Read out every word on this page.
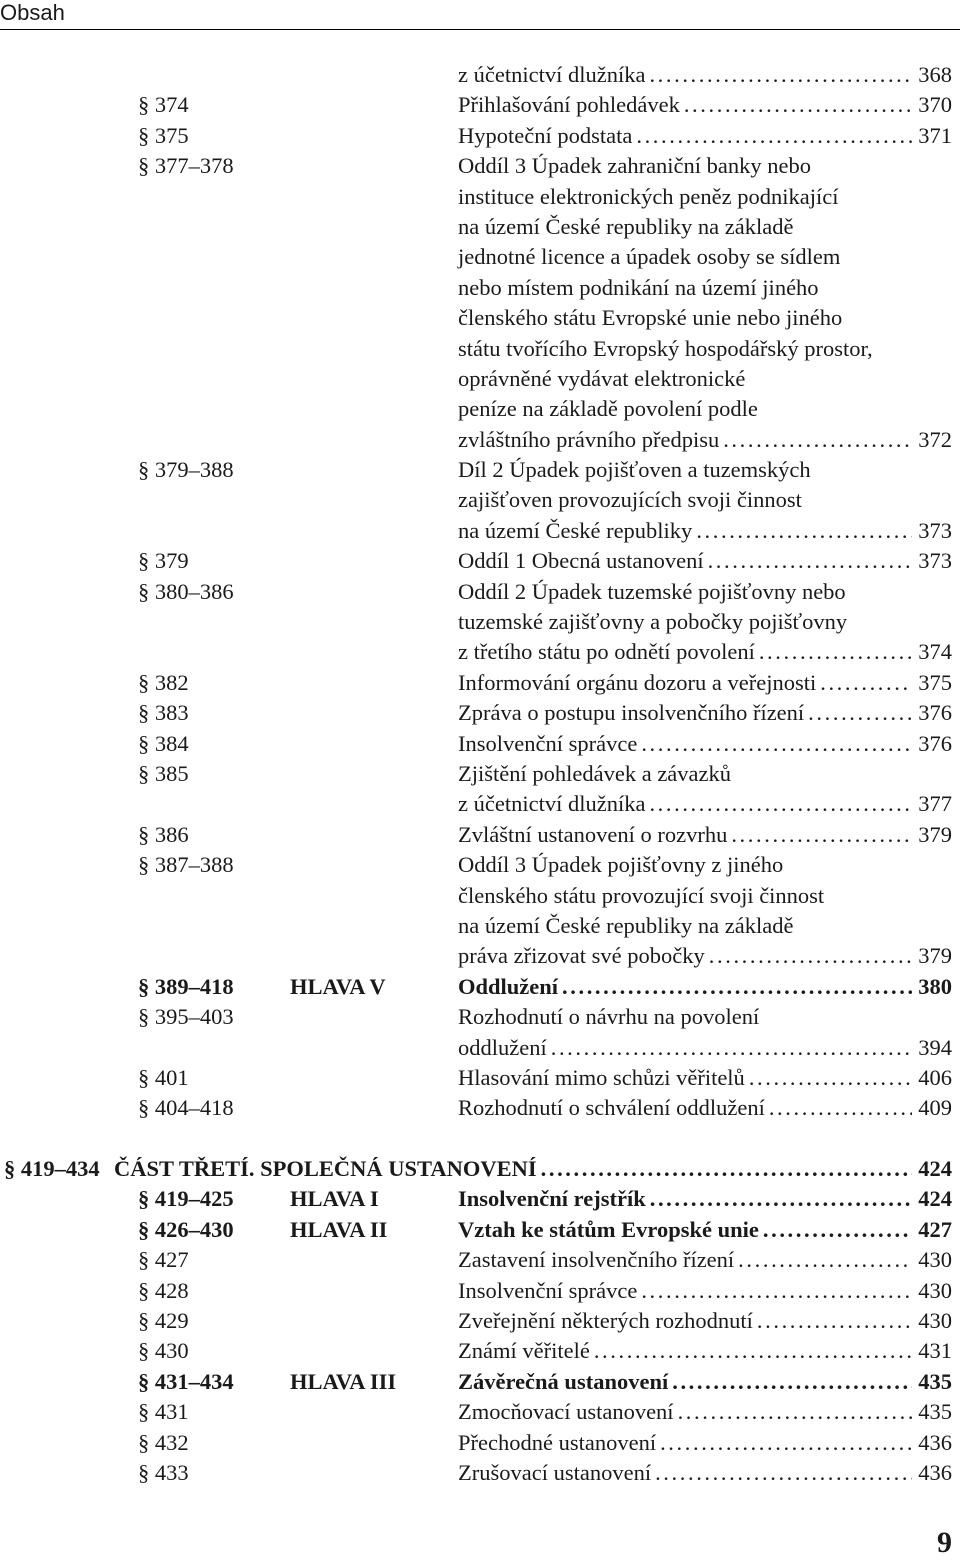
Obsah
z účetnictví dlužníka .....	368
§ 374	Přihlašování pohledávek .....	370
§ 375	Hypoteční podstata .....	371
§ 377–378	Oddíl 3 Úpadek zahraniční banky nebo
instituce elektronických peněz podnikající
na území České republiky na základě
jednotné licence a úpadek osoby se sídlem
nebo místem podnikání na území jiného
členského státu Evropské unie nebo jiného
státu tvořícího Evropský hospodářský prostor,
oprávněné vydávat elektronické
peníze na základě povolení podle
zvláštního právního předpisu .....	372
§ 379–388	Díl 2 Úpadek pojišťoven a tuzemských
zajišťoven provozujících svoji činnost
na území České republiky .....	373
§ 379	Oddíl 1 Obecná ustanovení .....	373
§ 380–386	Oddíl 2 Úpadek tuzemské pojišťovny nebo
tuzemské zajišťovny a pobočky pojišťovny
z třetího státu po odnětí povolení .....	374
§ 382	Informování orgánu dozoru a veřejnosti .....	375
§ 383	Zpráva o postupu insolvenčního řízení .....	376
§ 384	Insolvenční správce .....	376
§ 385	Zjištění pohledávek a závazků
z účetnictví dlužníka .....	377
§ 386	Zvláštní ustanovení o rozvrhu .....	379
§ 387–388	Oddíl 3 Úpadek pojišťovny z jiného
členského státu provozující svoji činnost
na území České republiky na základě
práva zřizovat své pobočky .....	379
§ 389–418	HLAVA V	Oddlužení .....	380
§ 395–403	Rozhodnutí o návrhu na povolení
oddlužení .....	394
§ 401	Hlasování mimo schůzi věřitelů .....	406
§ 404–418	Rozhodnutí o schválení oddlužení .....	409
§ 419–434 ČÁST TŘETÍ. SPOLEČNÁ USTANOVENÍ .....	424
§ 419–425	HLAVA I	Insolvenční rejstřík .....	424
§ 426–430	HLAVA II	Vztah ke státům Evropské unie .....	427
§ 427	Zastavení insolvenčního řízení .....	430
§ 428	Insolvenční správce .....	430
§ 429	Zveřejnění některých rozhodnutí .....	430
§ 430	Známí věřitelé .....	431
§ 431–434	HLAVA III	Závěrečná ustanovení .....	435
§ 431	Zmocňovací ustanovení .....	435
§ 432	Přechodné ustanovení .....	436
§ 433	Zrušovací ustanovení .....	436
9
